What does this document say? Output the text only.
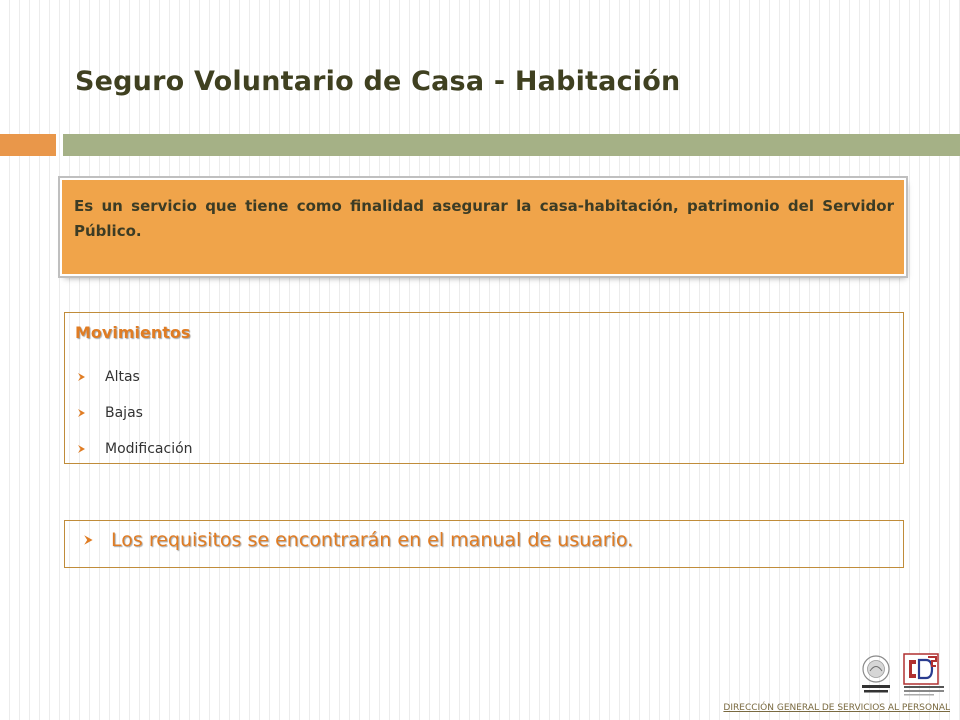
Seguro Voluntario de Casa - Habitación
Es un servicio que tiene como finalidad asegurar la casa-habitación, patrimonio del Servidor Público.
Movimientos
Altas
Bajas
Modificación
Los requisitos se encontrarán en el manual de usuario.
DIRECCIÓN GENERAL DE SERVICIOS AL PERSONAL
